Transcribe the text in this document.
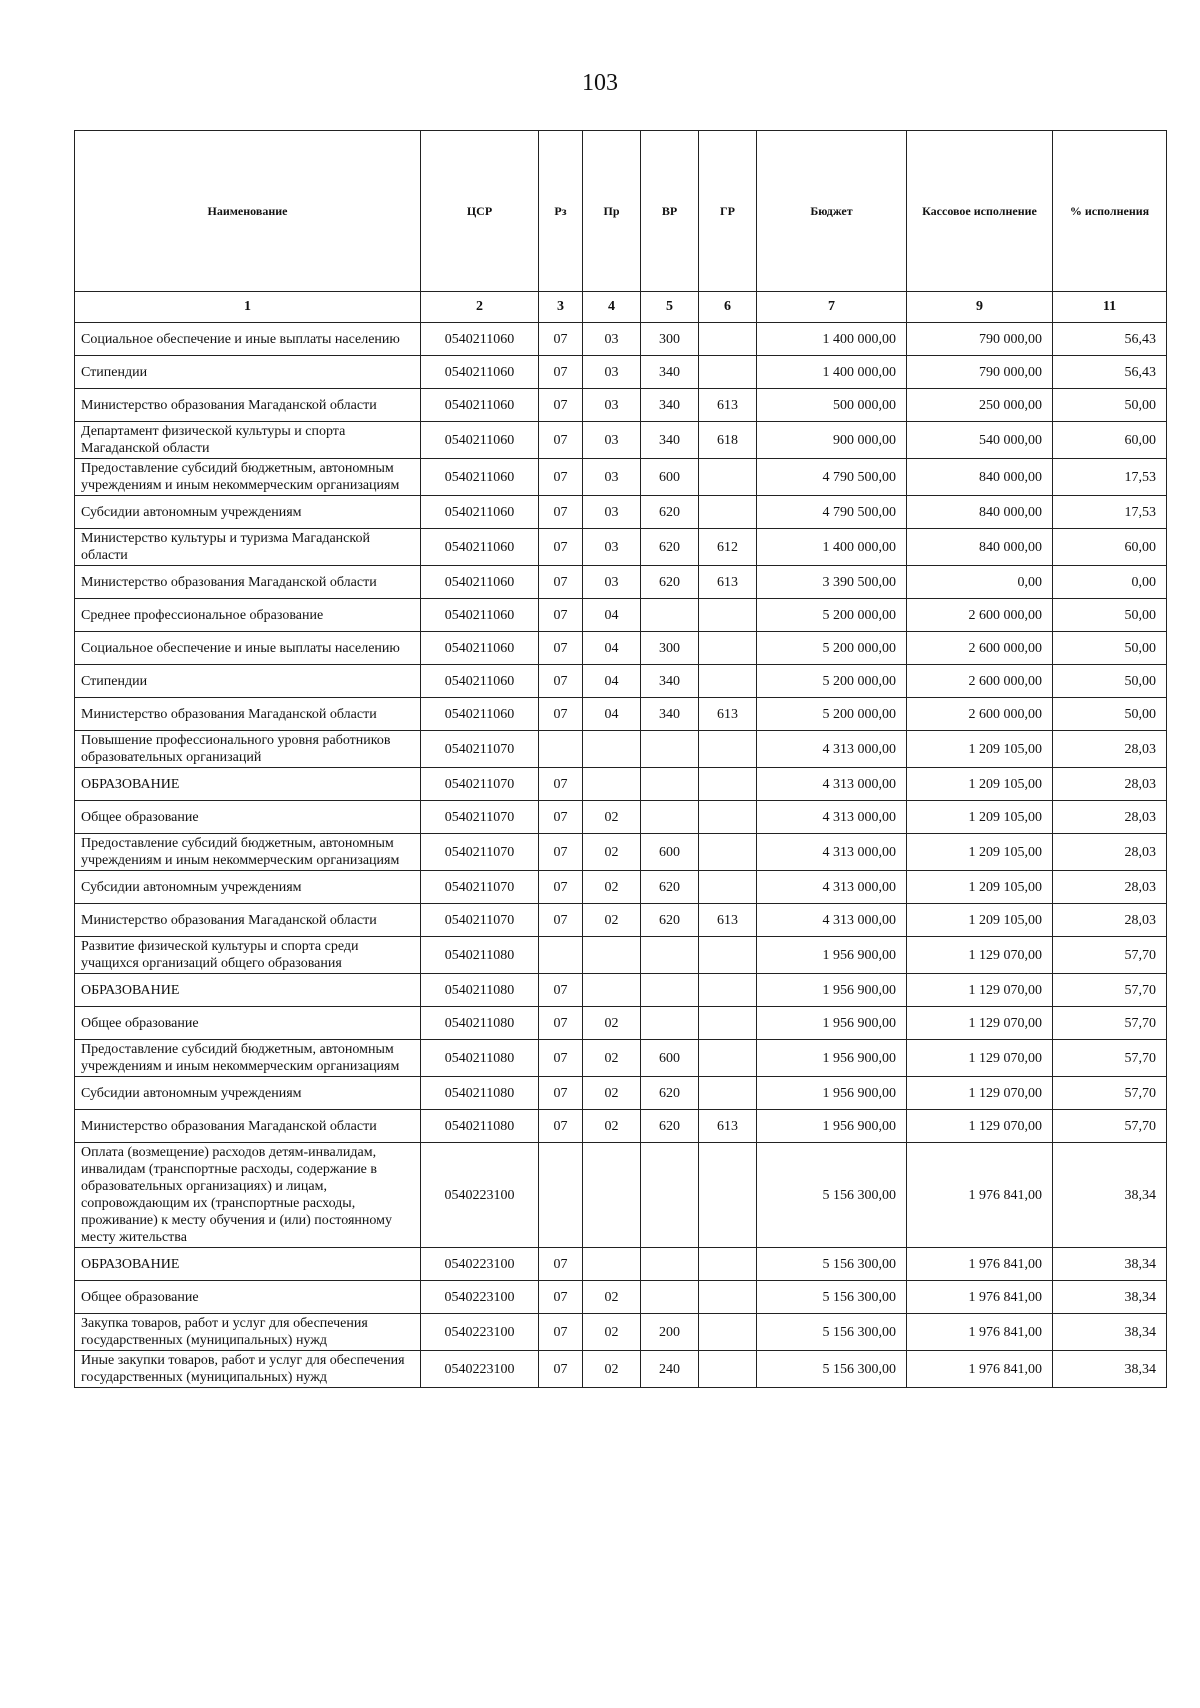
103
Наименование	ЦСР	Рз	Пр	ВР	ГР	Бюджет	Кассовое исполнение	% исполнения
1	2	3	4	5	6	7	9	11
Социальное обеспечение и иные выплаты населению	0540211060	07	03	300		1 400 000,00	790 000,00	56,43
Стипендии	0540211060	07	03	340		1 400 000,00	790 000,00	56,43
Министерство образования Магаданской области	0540211060	07	03	340	613	500 000,00	250 000,00	50,00
Департамент физической культуры и спорта Магаданской области	0540211060	07	03	340	618	900 000,00	540 000,00	60,00
Предоставление субсидий бюджетным, автономным учреждениям и иным некоммерческим организациям	0540211060	07	03	600		4 790 500,00	840 000,00	17,53
Субсидии автономным учреждениям	0540211060	07	03	620		4 790 500,00	840 000,00	17,53
Министерство культуры и туризма Магаданской области	0540211060	07	03	620	612	1 400 000,00	840 000,00	60,00
Министерство образования Магаданской области	0540211060	07	03	620	613	3 390 500,00	0,00	0,00
Среднее профессиональное образование	0540211060	07	04			5 200 000,00	2 600 000,00	50,00
Социальное обеспечение и иные выплаты населению	0540211060	07	04	300		5 200 000,00	2 600 000,00	50,00
Стипендии	0540211060	07	04	340		5 200 000,00	2 600 000,00	50,00
Министерство образования Магаданской области	0540211060	07	04	340	613	5 200 000,00	2 600 000,00	50,00
Повышение профессионального уровня работников образовательных организаций	0540211070					4 313 000,00	1 209 105,00	28,03
ОБРАЗОВАНИЕ	0540211070	07				4 313 000,00	1 209 105,00	28,03
Общее образование	0540211070	07	02			4 313 000,00	1 209 105,00	28,03
Предоставление субсидий бюджетным, автономным учреждениям и иным некоммерческим организациям	0540211070	07	02	600		4 313 000,00	1 209 105,00	28,03
Субсидии автономным учреждениям	0540211070	07	02	620		4 313 000,00	1 209 105,00	28,03
Министерство образования Магаданской области	0540211070	07	02	620	613	4 313 000,00	1 209 105,00	28,03
Развитие физической культуры и спорта среди учащихся организаций общего образования	0540211080					1 956 900,00	1 129 070,00	57,70
ОБРАЗОВАНИЕ	0540211080	07				1 956 900,00	1 129 070,00	57,70
Общее образование	0540211080	07	02			1 956 900,00	1 129 070,00	57,70
Предоставление субсидий бюджетным, автономным учреждениям и иным некоммерческим организациям	0540211080	07	02	600		1 956 900,00	1 129 070,00	57,70
Субсидии автономным учреждениям	0540211080	07	02	620		1 956 900,00	1 129 070,00	57,70
Министерство образования Магаданской области	0540211080	07	02	620	613	1 956 900,00	1 129 070,00	57,70
Оплата (возмещение) расходов детям-инвалидам, инвалидам (транспортные расходы, содержание в образовательных организациях) и лицам, сопровождающим их (транспортные расходы, проживание) к месту обучения и (или) постоянному месту жительства	0540223100					5 156 300,00	1 976 841,00	38,34
ОБРАЗОВАНИЕ	0540223100	07				5 156 300,00	1 976 841,00	38,34
Общее образование	0540223100	07	02			5 156 300,00	1 976 841,00	38,34
Закупка товаров, работ и услуг для обеспечения государственных (муниципальных) нужд	0540223100	07	02	200		5 156 300,00	1 976 841,00	38,34
Иные закупки товаров, работ и услуг для обеспечения государственных (муниципальных) нужд	0540223100	07	02	240		5 156 300,00	1 976 841,00	38,34
